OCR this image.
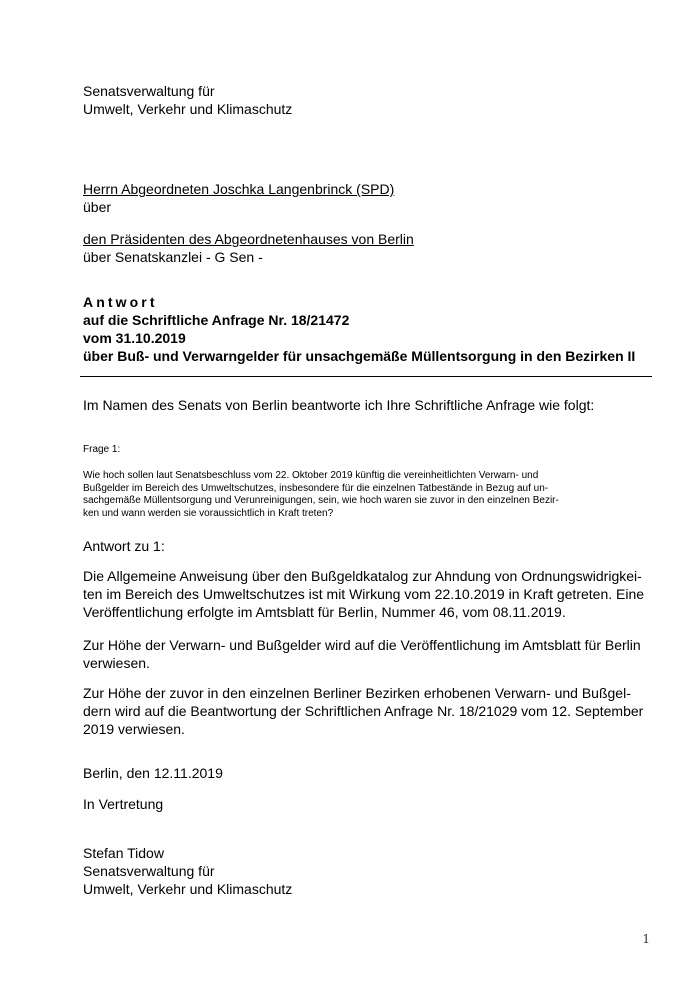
Senatsverwaltung für
Umwelt, Verkehr und Klimaschutz
Herrn Abgeordneten Joschka Langenbrinck (SPD)
über
den Präsidenten des Abgeordnetenhauses von Berlin
über Senatskanzlei - G Sen -
Antwort
auf die Schriftliche Anfrage Nr. 18/21472
vom 31.10.2019
über Buß- und Verwarngelder für unsachgemäße Müllentsorgung in den Bezirken II
Im Namen des Senats von Berlin beantworte ich Ihre Schriftliche Anfrage wie folgt:
Frage 1:
Wie hoch sollen laut Senatsbeschluss vom 22. Oktober 2019 künftig die vereinheitlichten Verwarn- und
Bußgelder im Bereich des Umweltschutzes, insbesondere für die einzelnen Tatbestände in Bezug auf un-
sachgemäße Müllentsorgung und Verunreinigungen, sein, wie hoch waren sie zuvor in den einzelnen Bezir-
ken und wann werden sie voraussichtlich in Kraft treten?
Antwort zu 1:
Die Allgemeine Anweisung über den Bußgeldkatalog zur Ahndung von Ordnungswidrigkei-
ten im Bereich des Umweltschutzes ist mit Wirkung vom 22.10.2019 in Kraft getreten. Eine
Veröffentlichung erfolgte im Amtsblatt für Berlin, Nummer 46, vom 08.11.2019.
Zur Höhe der Verwarn- und Bußgelder wird auf die Veröffentlichung im Amtsblatt für Berlin
verwiesen.
Zur Höhe der zuvor in den einzelnen Berliner Bezirken erhobenen Verwarn- und Bußgel-
dern wird auf die Beantwortung der Schriftlichen Anfrage Nr. 18/21029 vom 12. September
2019 verwiesen.
Berlin, den 12.11.2019
In Vertretung
Stefan Tidow
Senatsverwaltung für
Umwelt, Verkehr und Klimaschutz
1
